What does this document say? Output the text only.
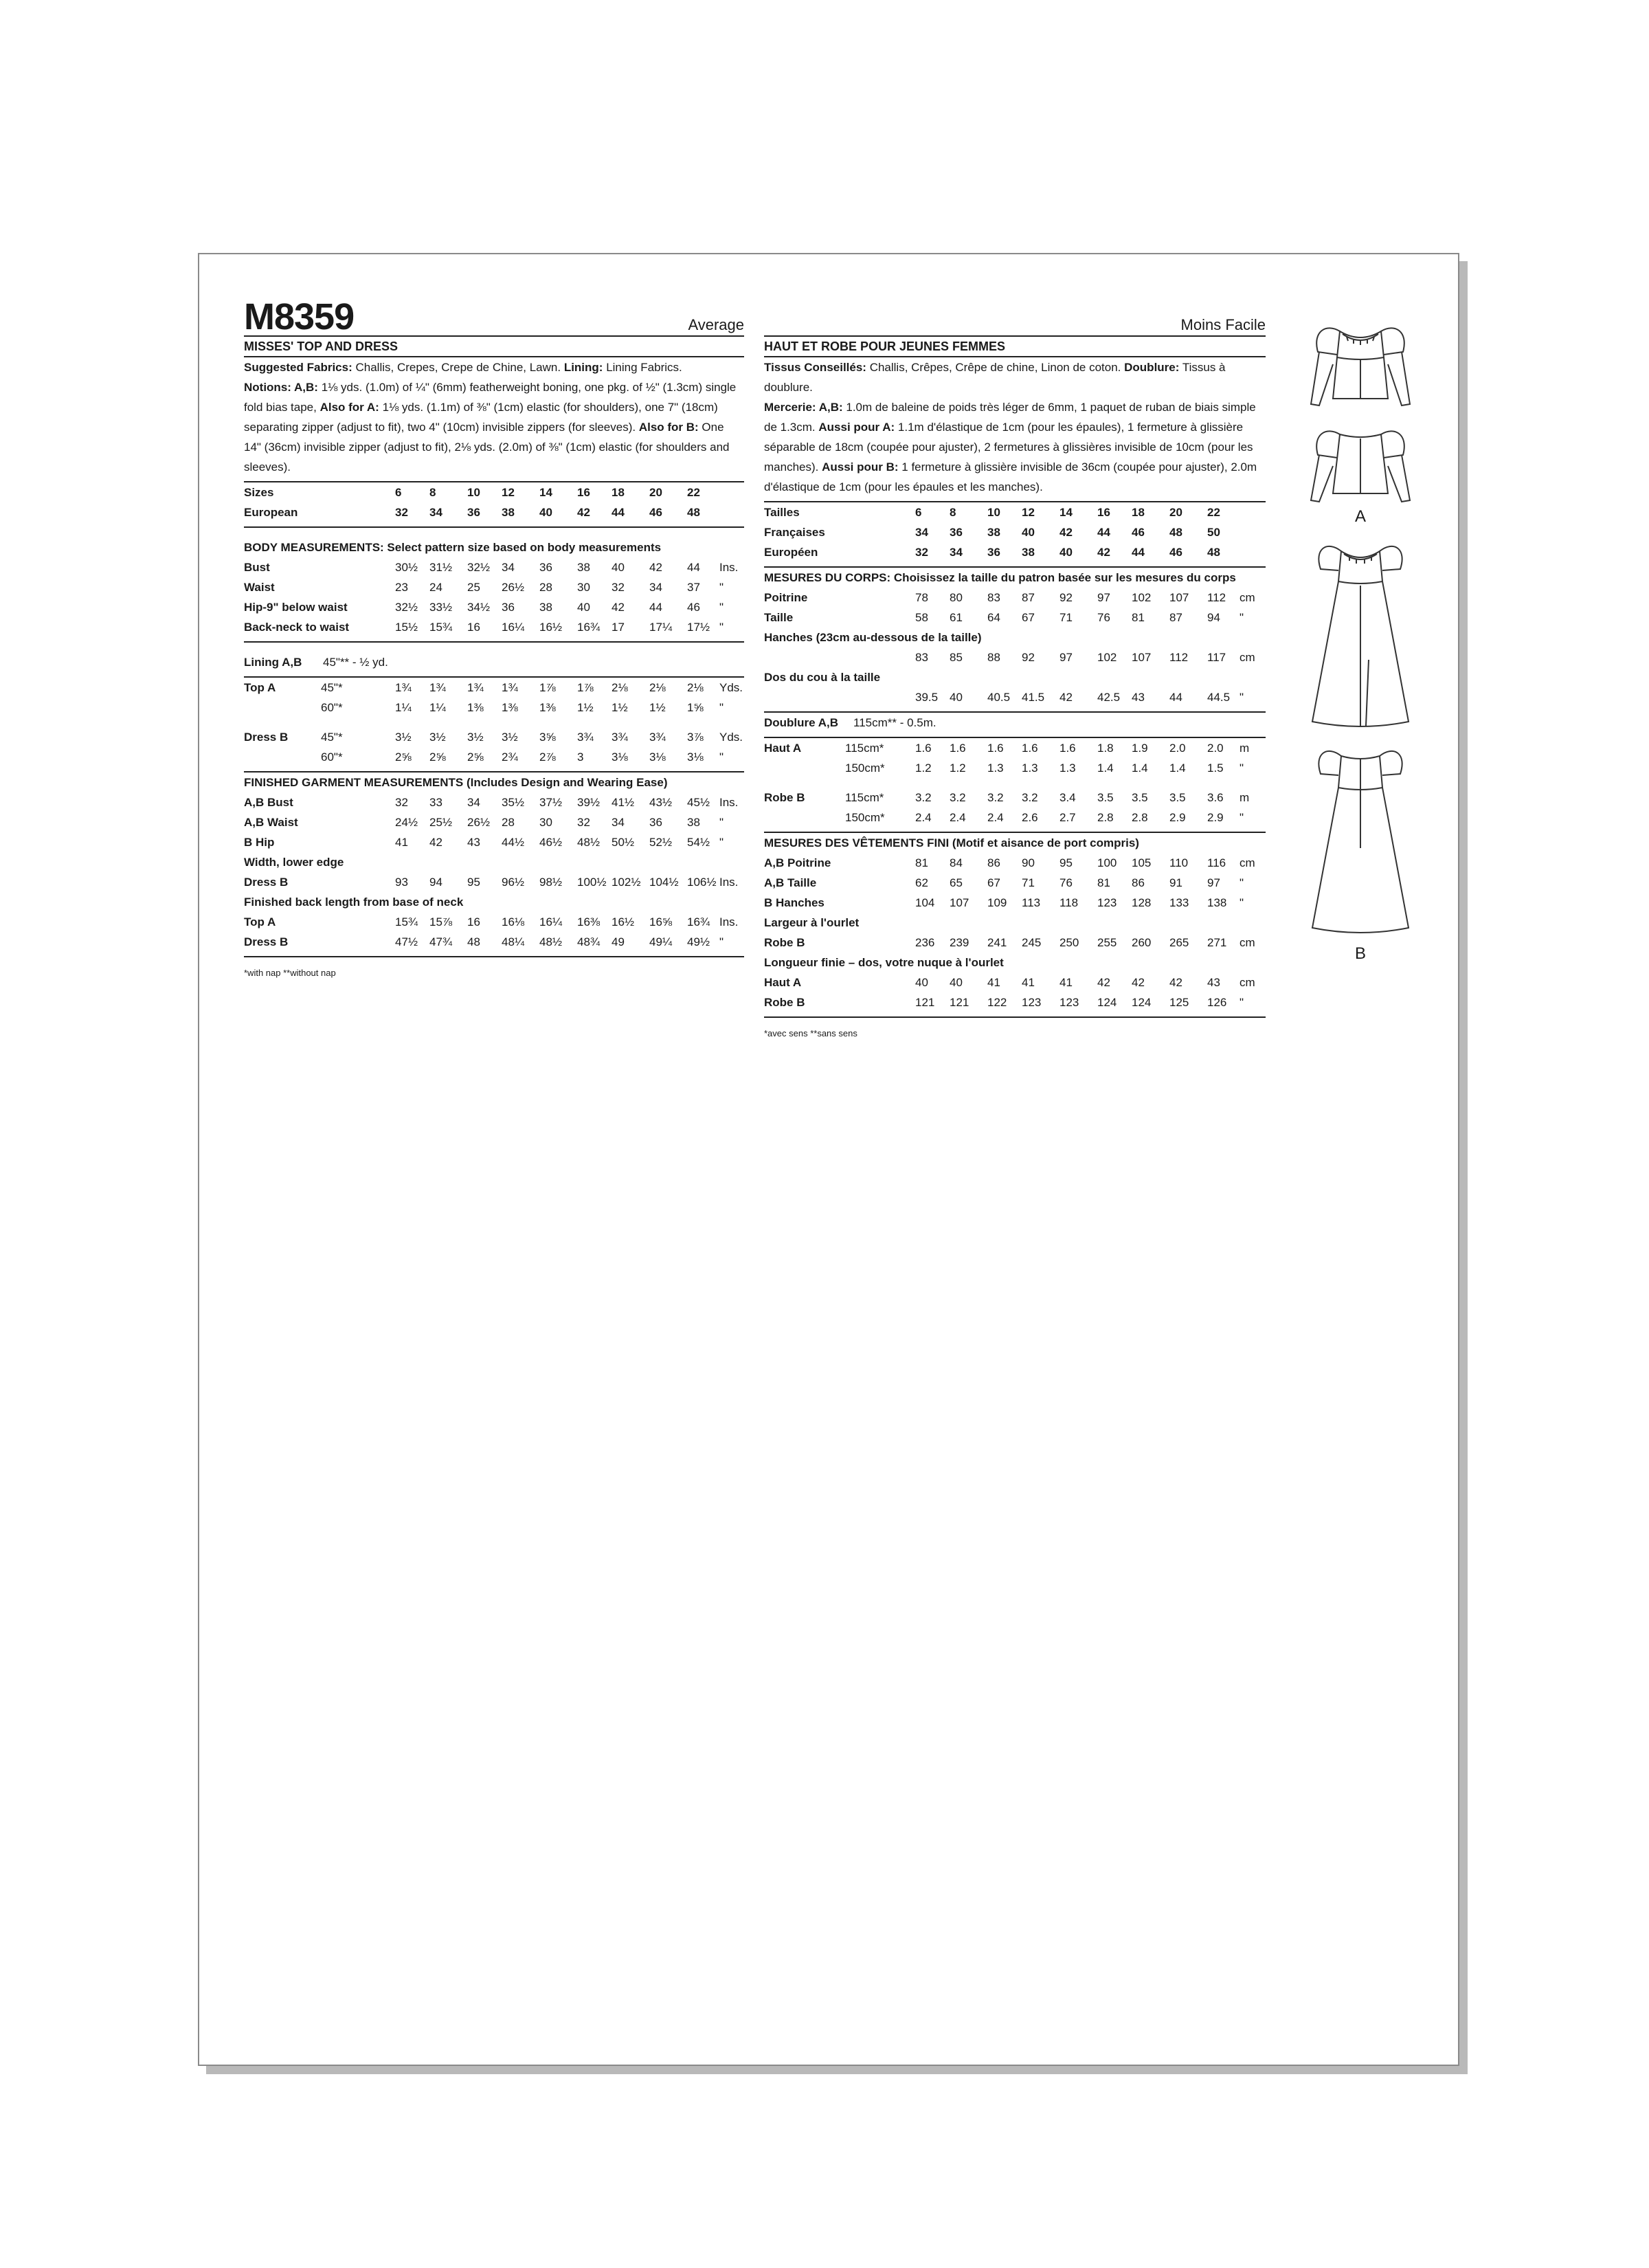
M8359	Average
MISSES' TOP AND DRESS
Suggested Fabrics: Challis, Crepes, Crepe de Chine, Lawn. Lining: Lining Fabrics.
Notions: A,B: 1⅛ yds. (1.0m) of ¼" (6mm) featherweight boning, one pkg. of ½" (1.3cm) single fold bias tape, Also for A: 1⅛ yds. (1.1m) of ⅜" (1cm) elastic (for shoulders), one 7" (18cm) separating zipper (adjust to fit), two 4" (10cm) invisible zippers (for sleeves). Also for B: One 14" (36cm) invisible zipper (adjust to fit), 2⅛ yds. (2.0m) of ⅜" (1cm) elastic (for shoulders and sleeves).
Sizes	6 8	10 12 14 16 18 20 22
European	32 34 36 38 40 42 44 46 48
BODY MEASUREMENTS: Select pattern size based on body measurements
Bust	30½ 31½ 32½ 34 36 38 40 42 44 Ins.
Waist	23 24 25 26½ 28 30 32 34 37 "
Hip-9" below waist	32½ 33½ 34½ 36 38 40 42 44 46 "
Back-neck to waist	15½ 15¾ 16 16¼ 16½ 16¾ 17 17¼ 17½ "
Lining A,B 45"** - ½ yd.
Top A	45"*	1¾ 1¾ 1¾ 1¾ 1⅞ 1⅞ 2⅛ 2⅛ 2⅛ Yds.
60"*	1¼ 1¼ 1⅜ 1⅜ 1⅜ 1½ 1½ 1½ 1⅝ "
Dress B	45"*	3½ 3½ 3½ 3½ 3⅝ 3¾ 3¾ 3¾ 3⅞ Yds.
60"*	2⅝ 2⅝ 2⅝ 2¾ 2⅞ 3 3⅛ 3⅛ 3⅛ "
FINISHED GARMENT MEASUREMENTS (Includes Design and Wearing Ease)
A,B Bust	32 33 34 35½ 37½ 39½ 41½ 43½ 45½ Ins.
A,B Waist	24½ 25½ 26½ 28 30 32 34 36 38 "
B Hip	41 42 43 44½ 46½ 48½ 50½ 52½ 54½ "
Width, lower edge
Dress B	93 94 95 96½ 98½ 100½ 102½ 104½ 106½ Ins.
Finished back length from base of neck
Top A	15¾ 15⅞ 16 16⅛ 16¼ 16⅜ 16½ 16⅝ 16¾ Ins.
Dress B	47½ 47¾ 48 48¼ 48½ 48¾ 49 49¼ 49½ "
*with nap **without nap
Moins Facile
HAUT ET ROBE POUR JEUNES FEMMES
Tissus Conseillés: Challis, Crêpes, Crêpe de chine, Linon de coton. Doublure: Tissus à doublure.
Mercerie: A,B: 1.0m de baleine de poids très léger de 6mm, 1 paquet de ruban de biais simple de 1.3cm. Aussi pour A: 1.1m d'élastique de 1cm (pour les épaules), 1 fermeture à glissière séparable de 18cm (coupée pour ajuster), 2 fermetures à glissières invisible de 10cm (pour les manches). Aussi pour B: 1 fermeture à glissière invisible de 36cm (coupée pour ajuster), 2.0m d'élastique de 1cm (pour les épaules et les manches).
Tailles	6 8	10 12 14 16 18 20 22
Françaises	34 36 38 40 42 44 46 48 50
Européen	32 34 36 38 40 42 44 46 48
MESURES DU CORPS: Choisissez la taille du patron basée sur les mesures du corps
Poitrine	78 80 83 87 92 97 102 107 112 cm
Taille	58 61 64 67 71 76 81 87 94 "
Hanches (23cm au-dessous de la taille)
83 85 88 92 97 102 107 112 117 cm
Dos du cou à la taille
39.5 40 40.5 41.5 42 42.5 43 44 44.5 "
Doublure A,B 115cm** - 0.5m.
Haut A	115cm*	1.6 1.6 1.6 1.6 1.6 1.8 1.9 2.0 2.0 m
150cm*	1.2 1.2 1.3 1.3 1.3 1.4 1.4 1.4 1.5 "
Robe B	115cm*	3.2 3.2 3.2 3.2 3.4 3.5 3.5 3.5 3.6 m
150cm*	2.4 2.4 2.4 2.6 2.7 2.8 2.8 2.9 2.9 "
MESURES DES VÊTEMENTS FINI (Motif et aisance de port compris)
A,B Poitrine	81 84 86 90 95 100 105 110 116 cm
A,B Taille	62 65 67 71 76 81 86 91 97 "
B Hanches	104 107 109 113 118 123 128 133 138 "
Largeur à l'ourlet
Robe B	236 239 241 245 250 255 260 265 271 cm
Longueur finie – dos, votre nuque à l'ourlet
Haut A	40 40 41 41 41 42 42 42 43 cm
Robe B	121 121 122 123 123 124 124 125 126 "
*avec sens **sans sens
A
B
